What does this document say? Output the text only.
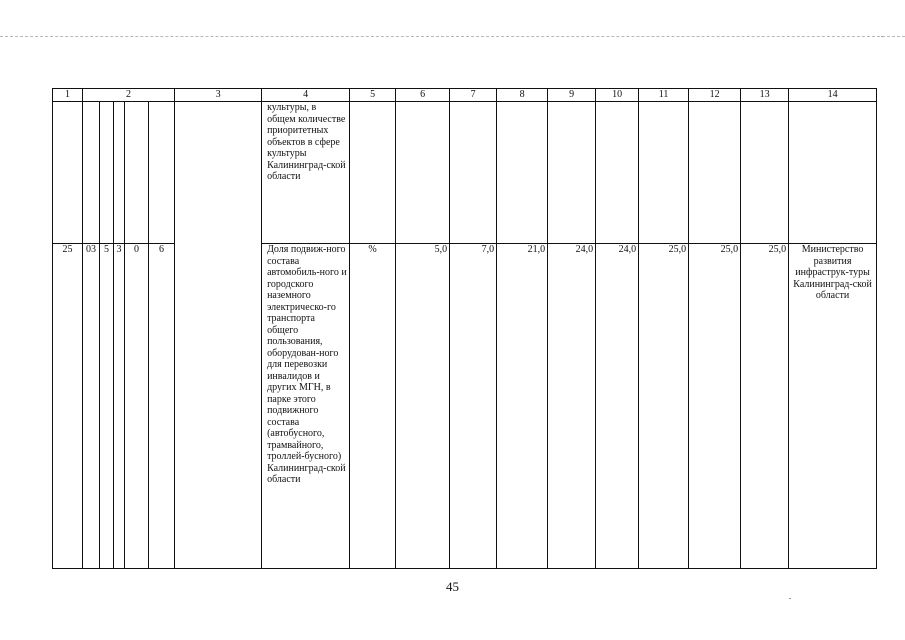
1	2					3	4	5	6	7	8	9	10	11	12	13	14
							культуры, в общем количестве приоритетных объектов в сфере культуры Калининград-ской области										
25	03	5	3	0	6		Доля подвиж-ного состава автомобиль-ного и городского наземного электрическо-го транспорта общего пользования, оборудован-ного для перевозки инвалидов и других МГН, в парке этого подвижного состава (автобусного, трамвайного, троллей-бусного) Калининград-ской области	%	5,0	7,0	21,0	24,0	24,0	25,0	25,0	25,0	Министерство развития инфраструк-туры Калининград-ской области
45
